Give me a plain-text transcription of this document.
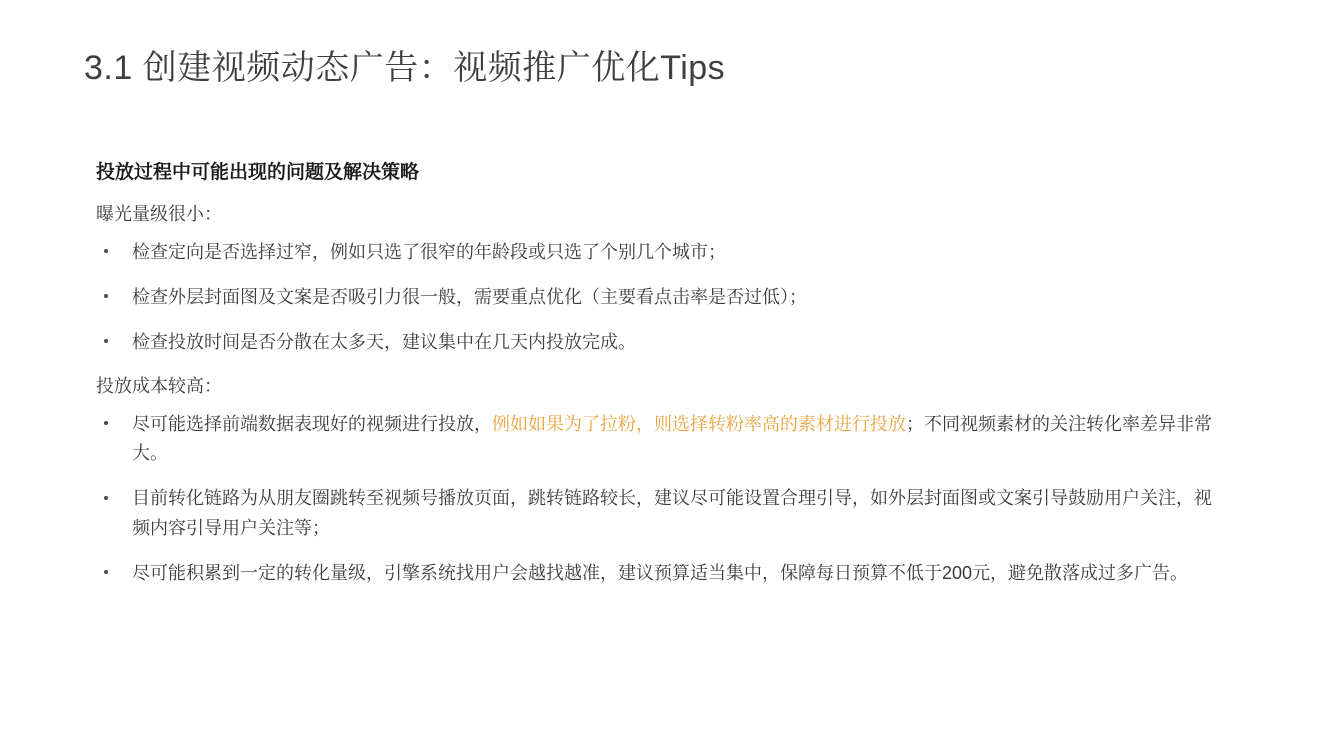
3.1 创建视频动态广告：视频推广优化Tips

投放过程中可能出现的问题及解决策略

曝光量级很小：

检查定向是否选择过窄，例如只选了很窄的年龄段或只选了个别几个城市；
检查外层封面图及文案是否吸引力很一般，需要重点优化（主要看点击率是否过低）；
检查投放时间是否分散在太多天，建议集中在几天内投放完成。

投放成本较高：

尽可能选择前端数据表现好的视频进行投放，例如如果为了拉粉，则选择转粉率高的素材进行投放；不同视频素材的关注转化率差异非常大。
目前转化链路为从朋友圈跳转至视频号播放页面，跳转链路较长，建议尽可能设置合理引导，如外层封面图或文案引导鼓励用户关注，视频内容引导用户关注等；
尽可能积累到一定的转化量级，引擎系统找用户会越找越准，建议预算适当集中，保障每日预算不低于200元，避免散落成过多广告。
